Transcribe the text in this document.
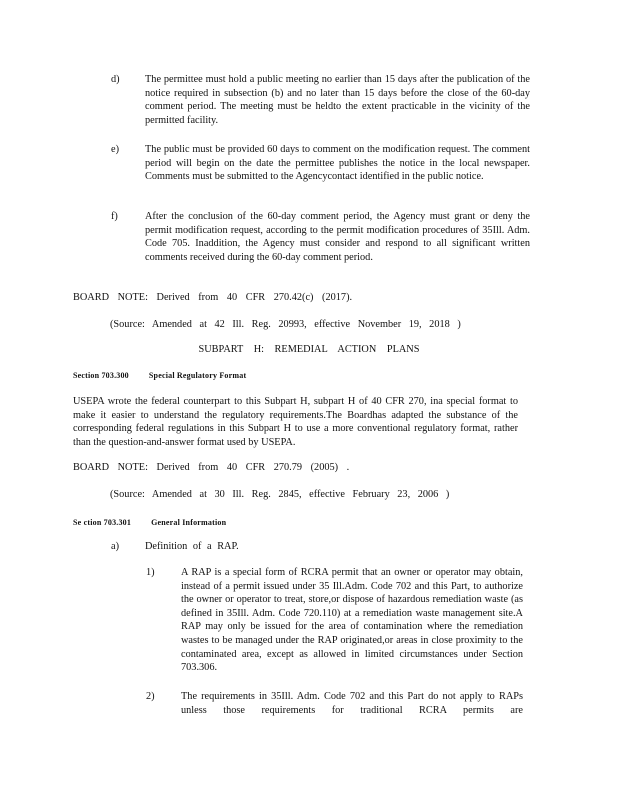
d) The permittee must hold a public meeting no earlier than 15 days after the publication of the notice required in subsection (b) and no later than 15 days before the close of the 60-day comment period. The meeting must be heldto the extent practicable in the vicinity of the permitted facility.
e)	The public must be provided 60 days to comment on the modification request. The comment period will begin on the date the permittee publishes the notice in the local newspaper. Comments must be submitted to the Agencycontact identified in the public notice.
f)	After the conclusion of the 60-day comment period, the Agency must grant or deny the permit modification request, according to the permit modification procedures of 35Ill. Adm. Code 705. Inaddition, the Agency must consider and respond to all significant written comments received during the 60-day comment period.
BOARD NOTE: Derived from 40 CFR 270.42(c) (2017).
(Source: Amended at 42 Ill. Reg. 20993, effective November 19, 2018 )
SUBPART H: REMEDIAL ACTION PLANS
Section 703.300	Special Regulatory Format
USEPA wrote the federal counterpart to this Subpart H, subpart H of 40 CFR 270, ina special format to make it easier to understand the regulatory requirements.The Boardhas adapted the substance of the corresponding federal regulations in this Subpart H to use a more conventional regulatory format, rather than the question-and-answer format used by USEPA.
BOARD NOTE: Derived from 40 CFR 270.79 (2005) .
(Source: Amended at 30 Ill. Reg. 2845, effective February 23, 2006 )
Se ction 703.301	General Information
a)	Definition of a RAP.
1)	A RAP is a special form of RCRA permit that an owner or operator may obtain, instead of a permit issued under 35 Ill.Adm. Code 702 and this Part, to authorize the owner or operator to treat, store,or dispose of hazardous remediation waste (as defined in 35Ill. Adm. Code 720.110) at a remediation waste management site.A RAP may only be issued for the area of contamination where the remediation wastes to be managed under the RAP originated,or areas in close proximity to the contaminated area, except as allowed in limited circumstances under Section 703.306.
2)	The requirements in 35Ill. Adm. Code 702 and this Part do not apply to RAPs unless those requirements for traditional RCRA permits are
